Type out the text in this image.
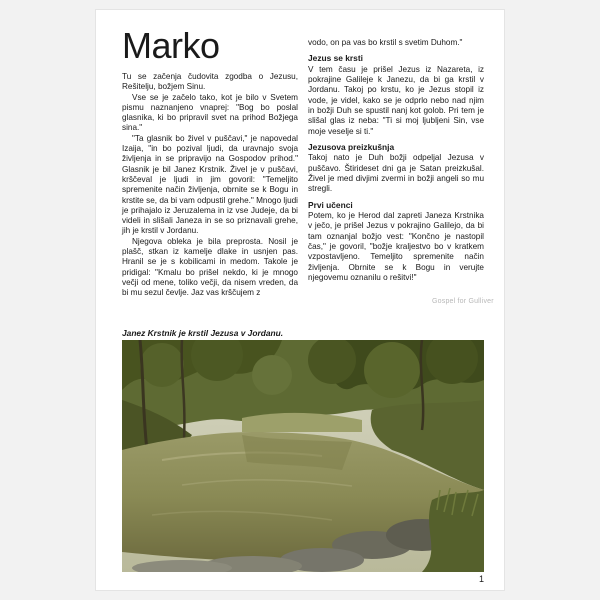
Marko

Tu se začenja čudovita zgodba o Jezusu, Rešitelju, božjem Sinu.

Vse se je začelo tako, kot je bilo v Svetem pismu naznanjeno vnaprej: "Bog bo poslal glasnika, ki bo pripravil svet na prihod Božjega sina."

"Ta glasnik bo živel v puščavi," je napovedal Izaija, "in bo pozival ljudi, da uravnajo svoja življenja in se pripravijo na Gospodov prihod." Glasnik je bil Janez Krstnik. Živel je v puščavi, krščeval je ljudi in jim govoril: "Temeljito spremenite način življenja, obrnite se k Bogu in krstite se, da bi vam odpustil grehe." Mnogo ljudi je prihajalo iz Jeruzalema in iz vse Judeje, da bi videli in slišali Janeza in se so priznavali grehe, jih je krstil v Jordanu.

Njegova obleka je bila preprosta. Nosil je plašč, stkan iz kamelje dlake in usnjen pas. Hranil se je s kobilicami in medom. Takole je pridigal: "Kmalu bo prišel nekdo, ki je mnogo večji od mene, toliko večji, da nisem vreden, da bi mu sezul čevlje. Jaz vas krščujem z

vodo, on pa vas bo krstil s svetim Duhom."

Jezus se krsti

V tem času je prišel Jezus iz Nazareta, iz pokrajine Galileje k Janezu, da bi ga krstil v Jordanu. Takoj po krstu, ko je Jezus stopil iz vode, je videl, kako se je odprlo nebo nad njim in božji Duh se spustil nanj kot golob. Pri tem je slišal glas iz neba: "Ti si moj ljubljeni Sin, vse moje veselje si ti."

Jezusova preizkušnja

Takoj nato je Duh božji odpeljal Jezusa v puščavo. Štirideset dni ga je Satan preizkušal. Živel je med divjimi zvermi in božji angeli so mu stregli.

Prvi učenci

Potem, ko je Herod dal zapreti Janeza Krstnika v ječo, je prišel Jezus v pokrajino Galilejo, da bi tam oznanjal božjo vest: "Končno je nastopil čas," je govoril, "božje kraljestvo bo v kratkem vzpostavljeno. Temeljito spremenite način življenja. Obrnite se k Bogu in verujte njegovemu oznanilu o rešitvi!"

Gospel for Gulliver
Janez Krstnik je krstil Jezusa v Jordanu.
1
